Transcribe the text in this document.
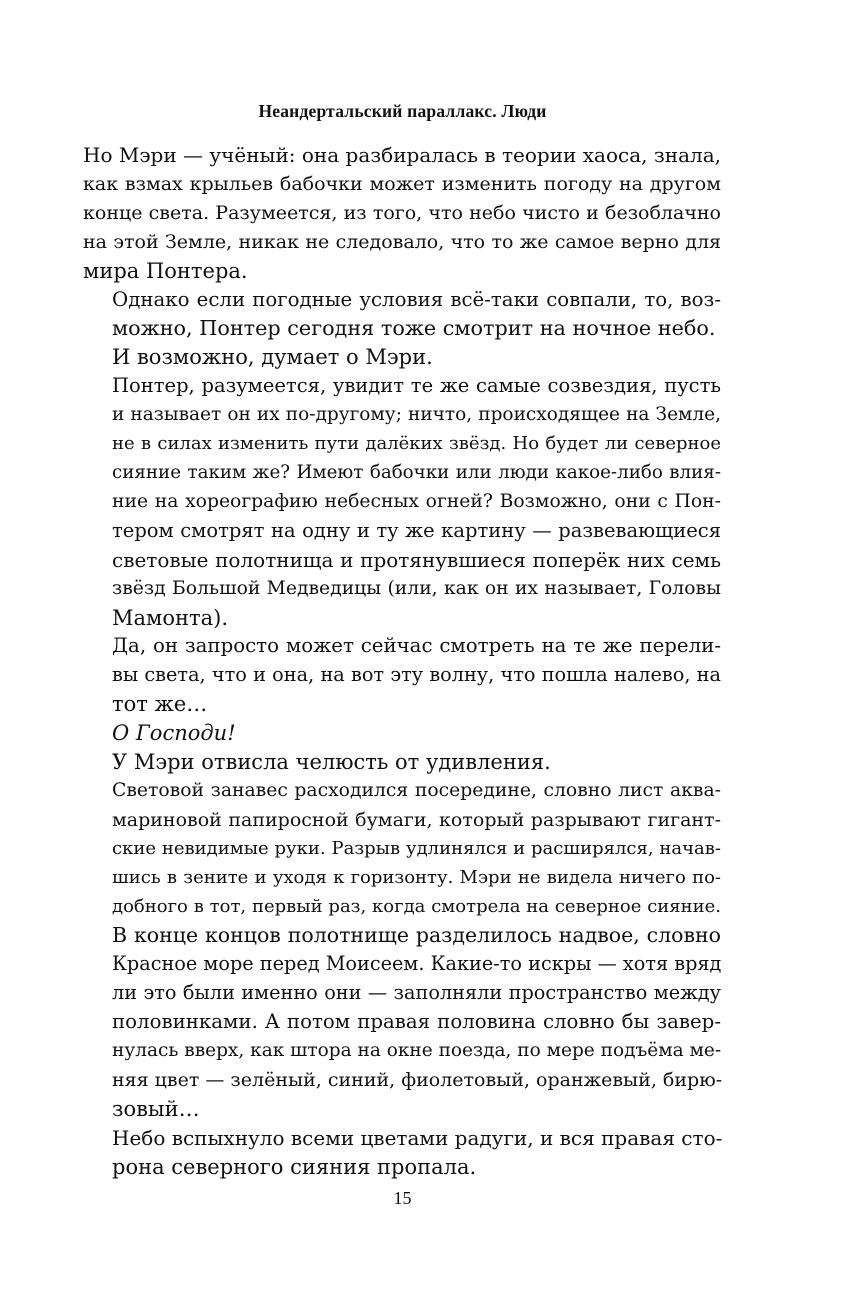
Неандертальский параллакс. Люди

Но Мэри — учёный: она разбиралась в теории хаоса, знала,
как взмах крыльев бабочки может изменить погоду на другом
конце света. Разумеется, из того, что небо чисто и безоблачно
на этой Земле, никак не следовало, что то же самое верно для
мира Понтера.

Однако если погодные условия всё-таки совпали, то, воз-
можно, Понтер сегодня тоже смотрит на ночное небо.

И возможно, думает о Мэри.

Понтер, разумеется, увидит те же самые созвездия, пусть
и называет он их по-другому; ничто, происходящее на Земле,
не в силах изменить пути далёких звёзд. Но будет ли северное
сияние таким же? Имеют бабочки или люди какое-либо влия-
ние на хореографию небесных огней? Возможно, они с Пон-
тером смотрят на одну и ту же картину — развевающиеся
световые полотнища и протянувшиеся поперёк них семь
звёзд Большой Медведицы (или, как он их называет, Головы
Мамонта).

Да, он запросто может сейчас смотреть на те же перели-
вы света, что и она, на вот эту волну, что пошла налево, на
тот же…

О Господи!

У Мэри отвисла челюсть от удивления.

Световой занавес расходился посередине, словно лист аква-
мариновой папиросной бумаги, который разрывают гигант-
ские невидимые руки. Разрыв удлинялся и расширялся, начав-
шись в зените и уходя к горизонту. Мэри не видела ничего по-
добного в тот, первый раз, когда смотрела на северное сияние.

В конце концов полотнище разделилось надвое, словно
Красное море перед Моисеем. Какие-то искры — хотя вряд
ли это были именно они — заполняли пространство между
половинками. А потом правая половина словно бы завер-
нулась вверх, как штора на окне поезда, по мере подъёма ме-
няя цвет — зелёный, синий, фиолетовый, оранжевый, бирю-
зовый…

Небо вспыхнуло всеми цветами радуги, и вся правая сто-
рона северного сияния пропала.

15
